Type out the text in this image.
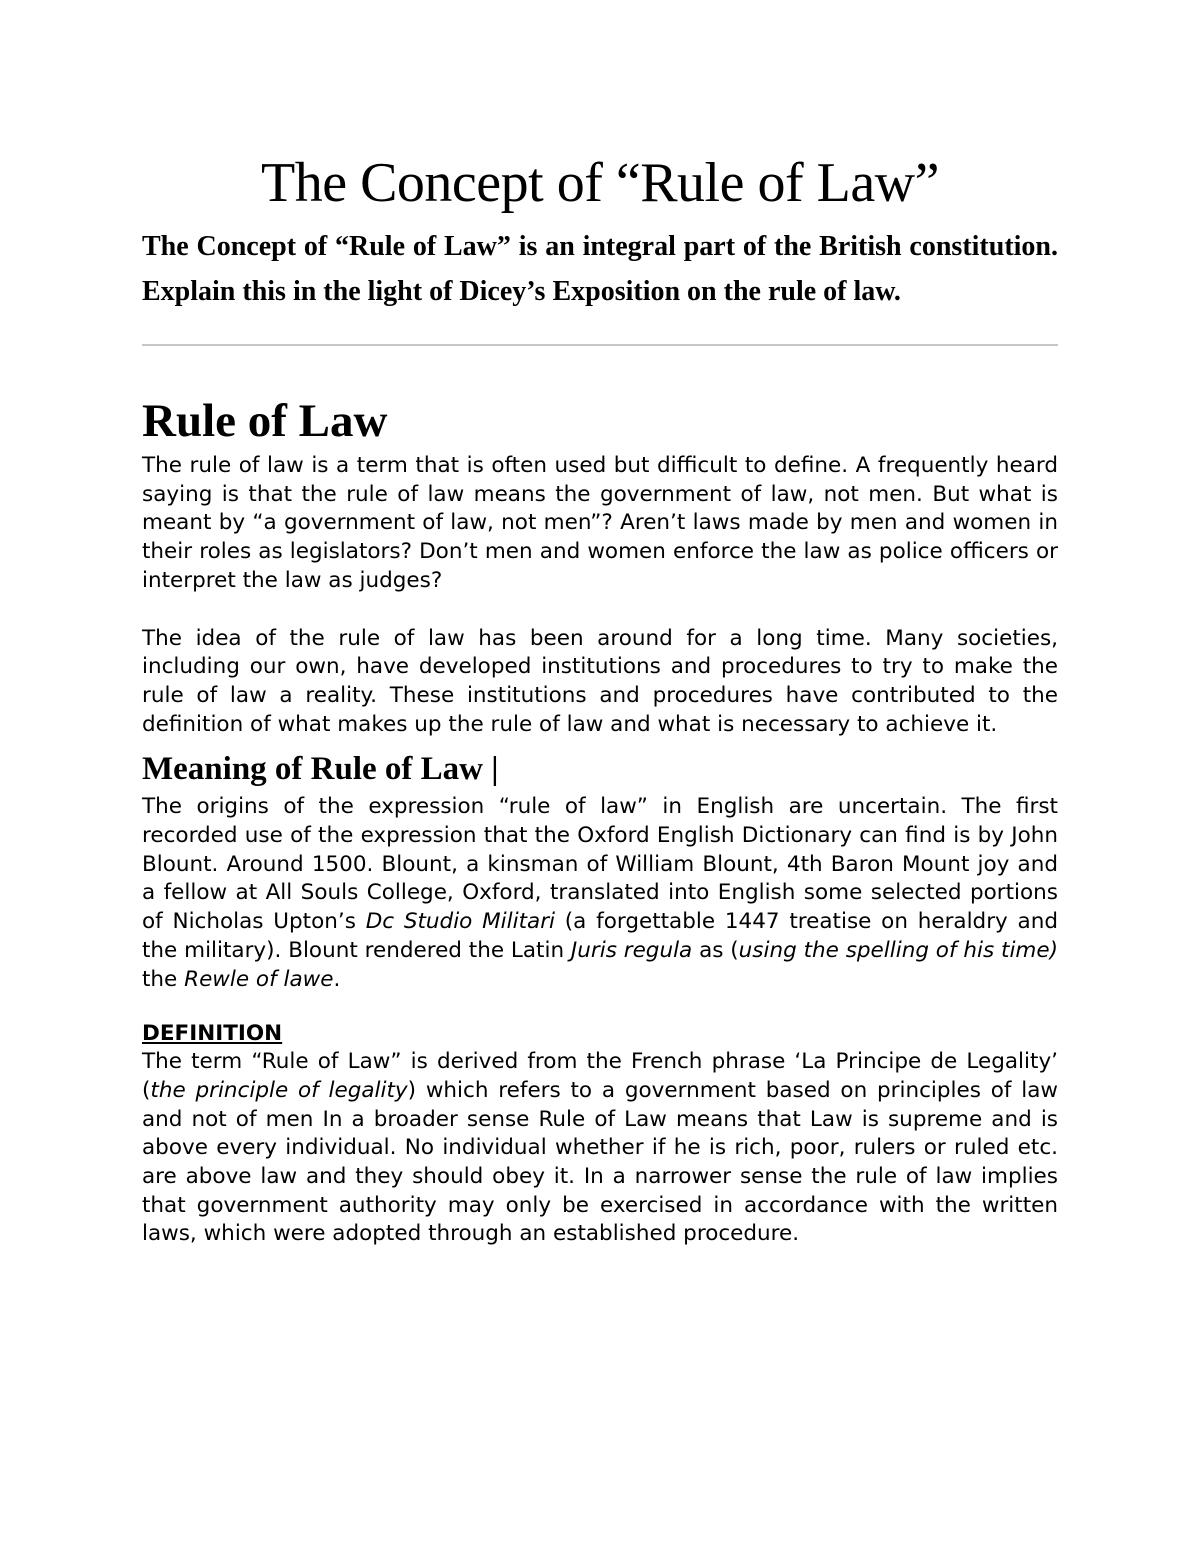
The Concept of “Rule of Law”

The Concept of “Rule of Law” is an integral part of the British constitution. Explain this in the light of Dicey’s Exposition on the rule of law.

Rule of Law

The rule of law is a term that is often used but difficult to define. A frequently heard saying is that the rule of law means the government of law, not men. But what is meant by “a government of law, not men”? Aren’t laws made by men and women in their roles as legislators? Don’t men and women enforce the law as police officers or interpret the law as judges?

The idea of the rule of law has been around for a long time. Many societies, including our own, have developed institutions and procedures to try to make the rule of law a reality. These institutions and procedures have contributed to the definition of what makes up the rule of law and what is necessary to achieve it.

Meaning of Rule of Law |

The origins of the expression “rule of law” in English are uncertain. The first recorded use of the expression that the Oxford English Dictionary can find is by John Blount. Around 1500. Blount, a kinsman of William Blount, 4th Baron Mount joy and a fellow at All Souls College, Oxford, translated into English some selected portions of Nicholas Upton’s Dc Studio Militari (a forgettable 1447 treatise on heraldry and the military). Blount rendered the Latin Juris regula as (using the spelling of his time) the Rewle of lawe.

DEFINITION

The term “Rule of Law” is derived from the French phrase ‘La Principe de Legality’ (the principle of legality) which refers to a government based on principles of law and not of men In a broader sense Rule of Law means that Law is supreme and is above every individual. No individual whether if he is rich, poor, rulers or ruled etc. are above law and they should obey it. In a narrower sense the rule of law implies that government authority may only be exercised in accordance with the written laws, which were adopted through an established procedure.
